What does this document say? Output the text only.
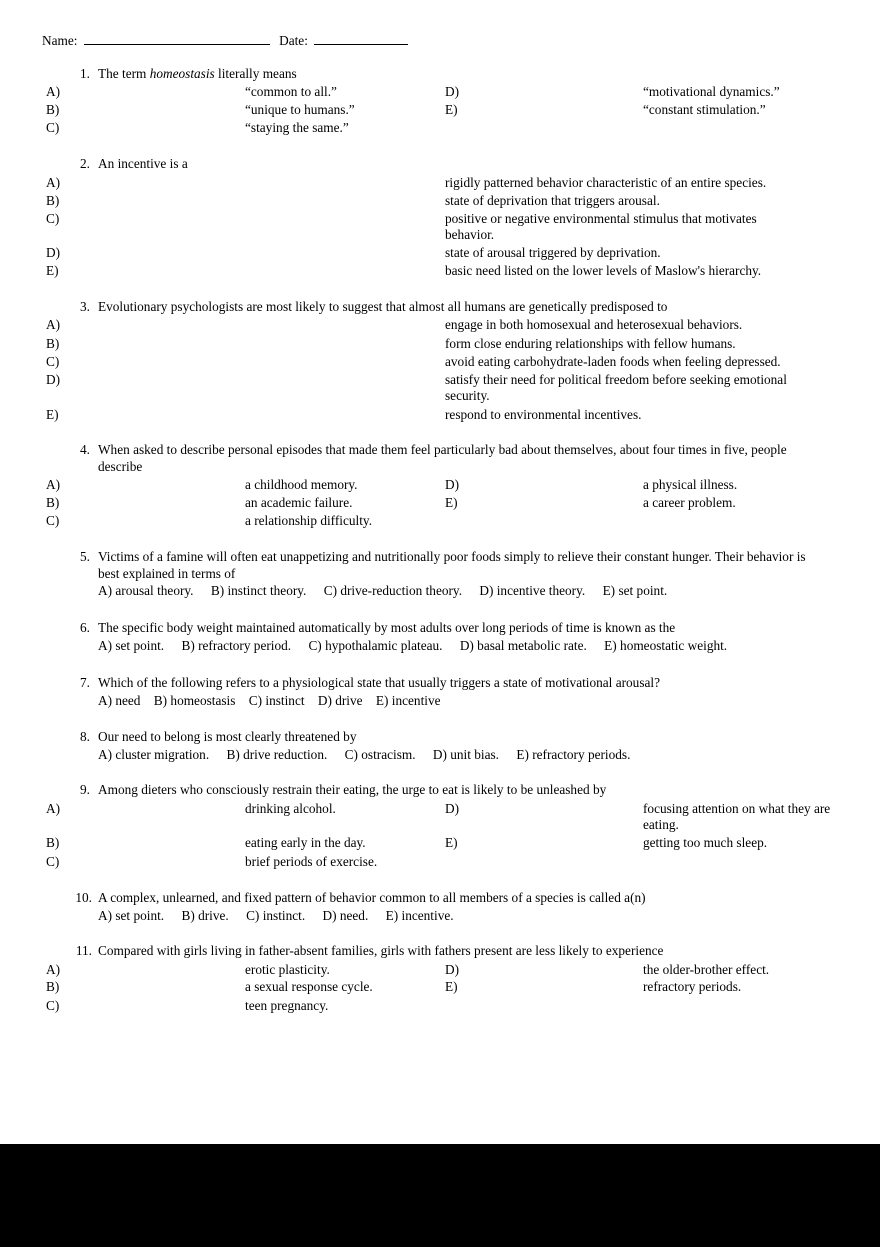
Name:	Date:
1. The term homeostasis literally means
A)	“common to all.”
B)	“unique to humans.”
C)	“staying the same.”
D)	“motivational dynamics.”
E)	“constant stimulation.”
2. An incentive is a
A)	rigidly patterned behavior characteristic of an entire species.
B)	state of deprivation that triggers arousal.
C)	positive or negative environmental stimulus that motivates behavior.
D)	state of arousal triggered by deprivation.
E)	basic need listed on the lower levels of Maslow's hierarchy.
3. Evolutionary psychologists are most likely to suggest that almost all humans are genetically predisposed to
A)	engage in both homosexual and heterosexual behaviors.
B)	form close enduring relationships with fellow humans.
C)	avoid eating carbohydrate-laden foods when feeling depressed.
D)	satisfy their need for political freedom before seeking emotional security.
E)	respond to environmental incentives.
4. When asked to describe personal episodes that made them feel particularly bad about themselves, about four times in five, people describe
A)	a childhood memory.
B)	an academic failure.
C)	a relationship difficulty.
D)	a physical illness.
E)	a career problem.
5. Victims of a famine will often eat unappetizing and nutritionally poor foods simply to relieve their constant hunger. Their behavior is best explained in terms of
A) arousal theory. B) instinct theory. C) drive-reduction theory. D) incentive theory. E) set point.
6. The specific body weight maintained automatically by most adults over long periods of time is known as the
A) set point. B) refractory period. C) hypothalamic plateau. D) basal metabolic rate. E) homeostatic weight.
7. Which of the following refers to a physiological state that usually triggers a state of motivational arousal?
A) need B) homeostasis C) instinct D) drive E) incentive
8. Our need to belong is most clearly threatened by
A) cluster migration. B) drive reduction. C) ostracism. D) unit bias. E) refractory periods.
9. Among dieters who consciously restrain their eating, the urge to eat is likely to be unleashed by
A)	drinking alcohol.
B)	eating early in the day.
C)	brief periods of exercise.
D)	focusing attention on what they are eating.
E)	getting too much sleep.
10. A complex, unlearned, and fixed pattern of behavior common to all members of a species is called a(n)
A) set point. B) drive. C) instinct. D) need. E) incentive.
11. Compared with girls living in father-absent families, girls with fathers present are less likely to experience
A)	erotic plasticity.
B)	a sexual response cycle.
C)	teen pregnancy.
D)	the older-brother effect.
E)	refractory periods.
